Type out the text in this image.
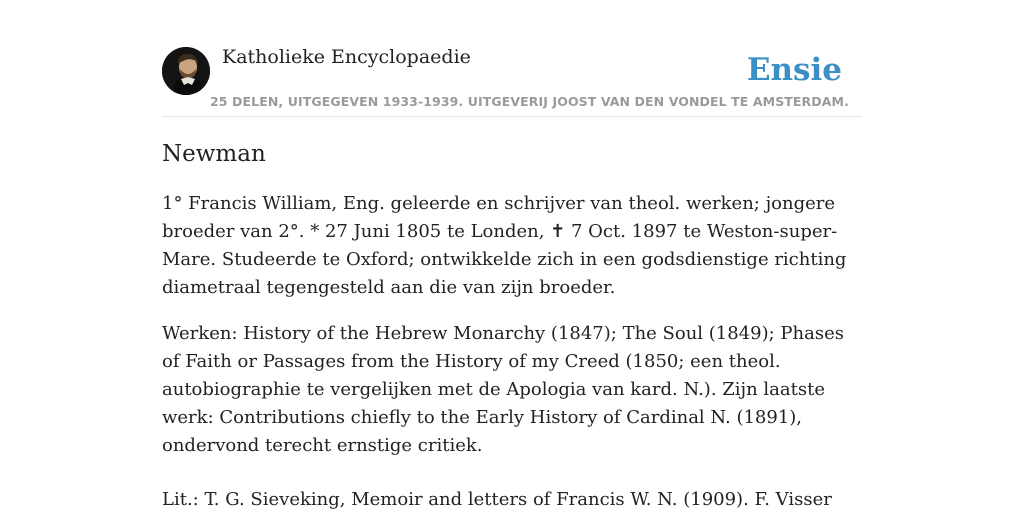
Katholieke Encyclopaedie	Ensie
25 DELEN, UITGEGEVEN 1933-1939. UITGEVERIJ JOOST VAN DEN VONDEL TE AMSTERDAM.
Newman

1° Francis William, Eng. geleerde en schrijver van theol. werken; jongere broeder van 2°. * 27 Juni 1805 te Londen, ✝ 7 Oct. 1897 te Weston-super-Mare. Studeerde te Oxford; ontwikkelde zich in een godsdienstige richting diametraal tegengesteld aan die van zijn broeder.

Werken: History of the Hebrew Monarchy (1847); The Soul (1849); Phases of Faith or Passages from the History of my Creed (1850; een theol. autobiographie te vergelijken met de Apologia van kard. N.). Zijn laatste werk: Contributions chiefly to the Early History of Cardinal N. (1891), ondervond terecht ernstige critiek.

Lit.: T. G. Sieveking, Memoir and letters of Francis W. N. (1909). F. Visser
